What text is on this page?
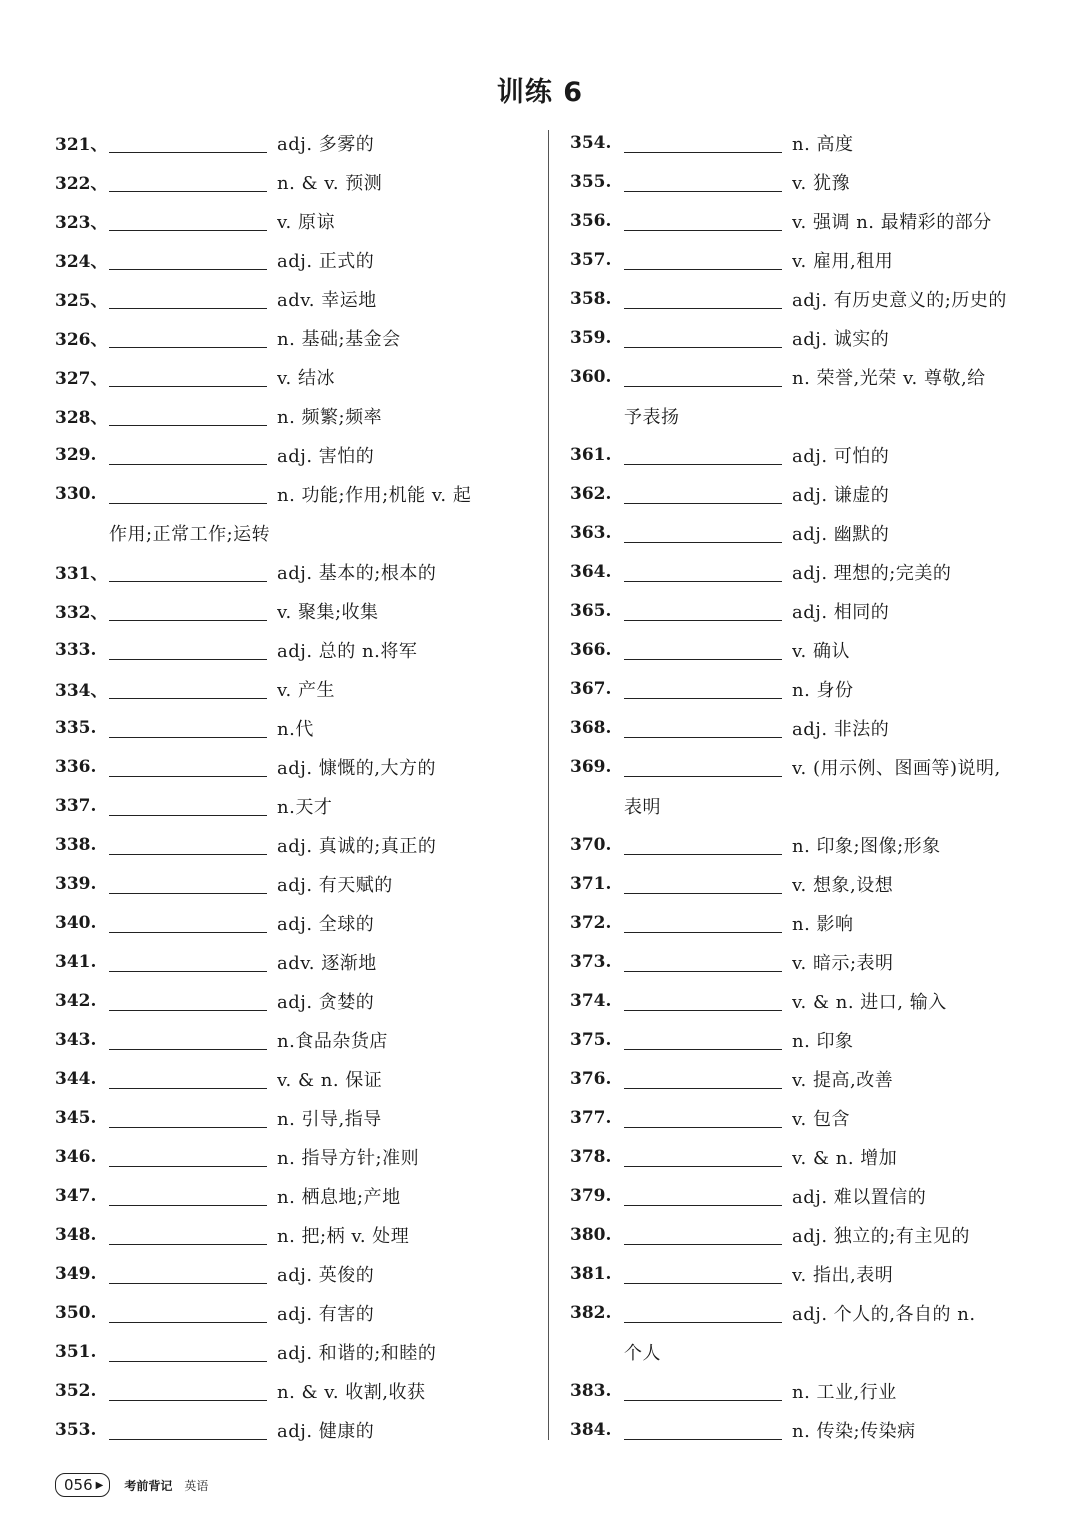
训练 6
321、	adj. 多雾的
322、	n. & v. 预测
323、	v. 原谅
324、	adj. 正式的
325、	adv. 幸运地
326、	n. 基础;基金会
327、	v. 结冰
328、	n. 频繁;频率
329.	adj. 害怕的
330.	n. 功能;作用;机能 v. 起
作用;正常工作;运转
331、	adj. 基本的;根本的
332、	v. 聚集;收集
333.	adj. 总的 n.将军
334、	v. 产生
335.	n.代
336.	adj. 慷慨的,大方的
337.	n.天才
338.	adj. 真诚的;真正的
339.	adj. 有天赋的
340.	adj. 全球的
341.	adv. 逐渐地
342.	adj. 贪婪的
343.	n.食品杂货店
344.	v. & n. 保证
345.	n. 引导,指导
346.	n. 指导方针;准则
347.	n. 栖息地;产地
348.	n. 把;柄 v. 处理
349.	adj. 英俊的
350.	adj. 有害的
351.	adj. 和谐的;和睦的
352.	n. & v. 收割,收获
353.	adj. 健康的
354.	n. 高度
355.	v. 犹豫
356.	v. 强调 n. 最精彩的部分
357.	v. 雇用,租用
358.	adj. 有历史意义的;历史的
359.	adj. 诚实的
360.	n. 荣誉,光荣 v. 尊敬,给
予表扬
361.	adj. 可怕的
362.	adj. 谦虚的
363.	adj. 幽默的
364.	adj. 理想的;完美的
365.	adj. 相同的
366.	v. 确认
367.	n. 身份
368.	adj. 非法的
369.	v. (用示例、图画等)说明,
表明
370.	n. 印象;图像;形象
371.	v. 想象,设想
372.	n. 影响
373.	v. 暗示;表明
374.	v. & n. 进口, 输入
375.	n. 印象
376.	v. 提高,改善
377.	v. 包含
378.	v. & n. 增加
379.	adj. 难以置信的
380.	adj. 独立的;有主见的
381.	v. 指出,表明
382.	adj. 个人的,各自的 n.
个人
383.	n. 工业,行业
384.	n. 传染;传染病
056 ▶ 考前背记 英语
